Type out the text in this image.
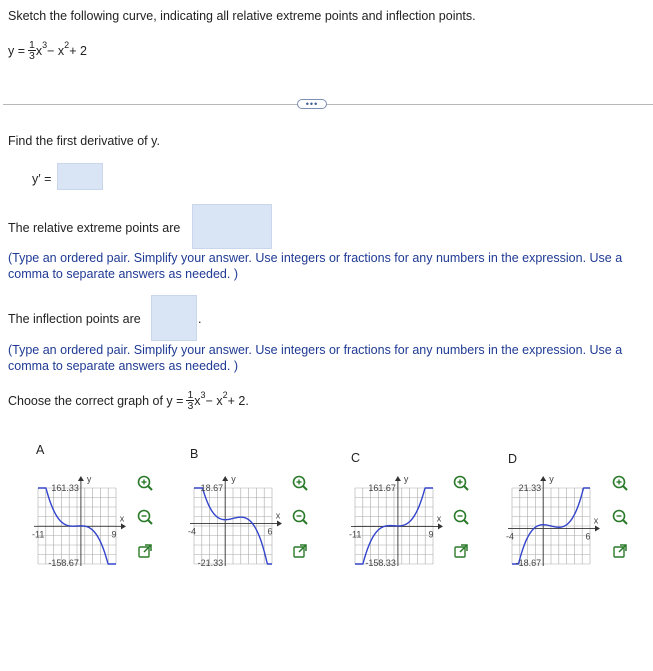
Sketch the following curve, indicating all relative extreme points and inflection points.
$y = \frac{1}{3} x^3 - x^2 + 2$
•••
Find the first derivative of y.
y′ =
The relative extreme points are
(Type an ordered pair. Simplify your answer. Use integers or fractions for any numbers in the expression. Use a comma to separate answers as needed. )
The inflection points are	.
(Type an ordered pair. Simplify your answer. Use integers or fractions for any numbers in the expression. Use a comma to separate answers as needed. )
Choose the correct graph of $y = \frac{1}{3} x^3 - x^2 + 2$ .
A
161.33
-158.67
-11	9
x
y
B
18.67
-21.33
-4	6
x
y
C
161.67
-158.33
-11	9
x
y
D
21.33
-18.67
-4	6
x
y
